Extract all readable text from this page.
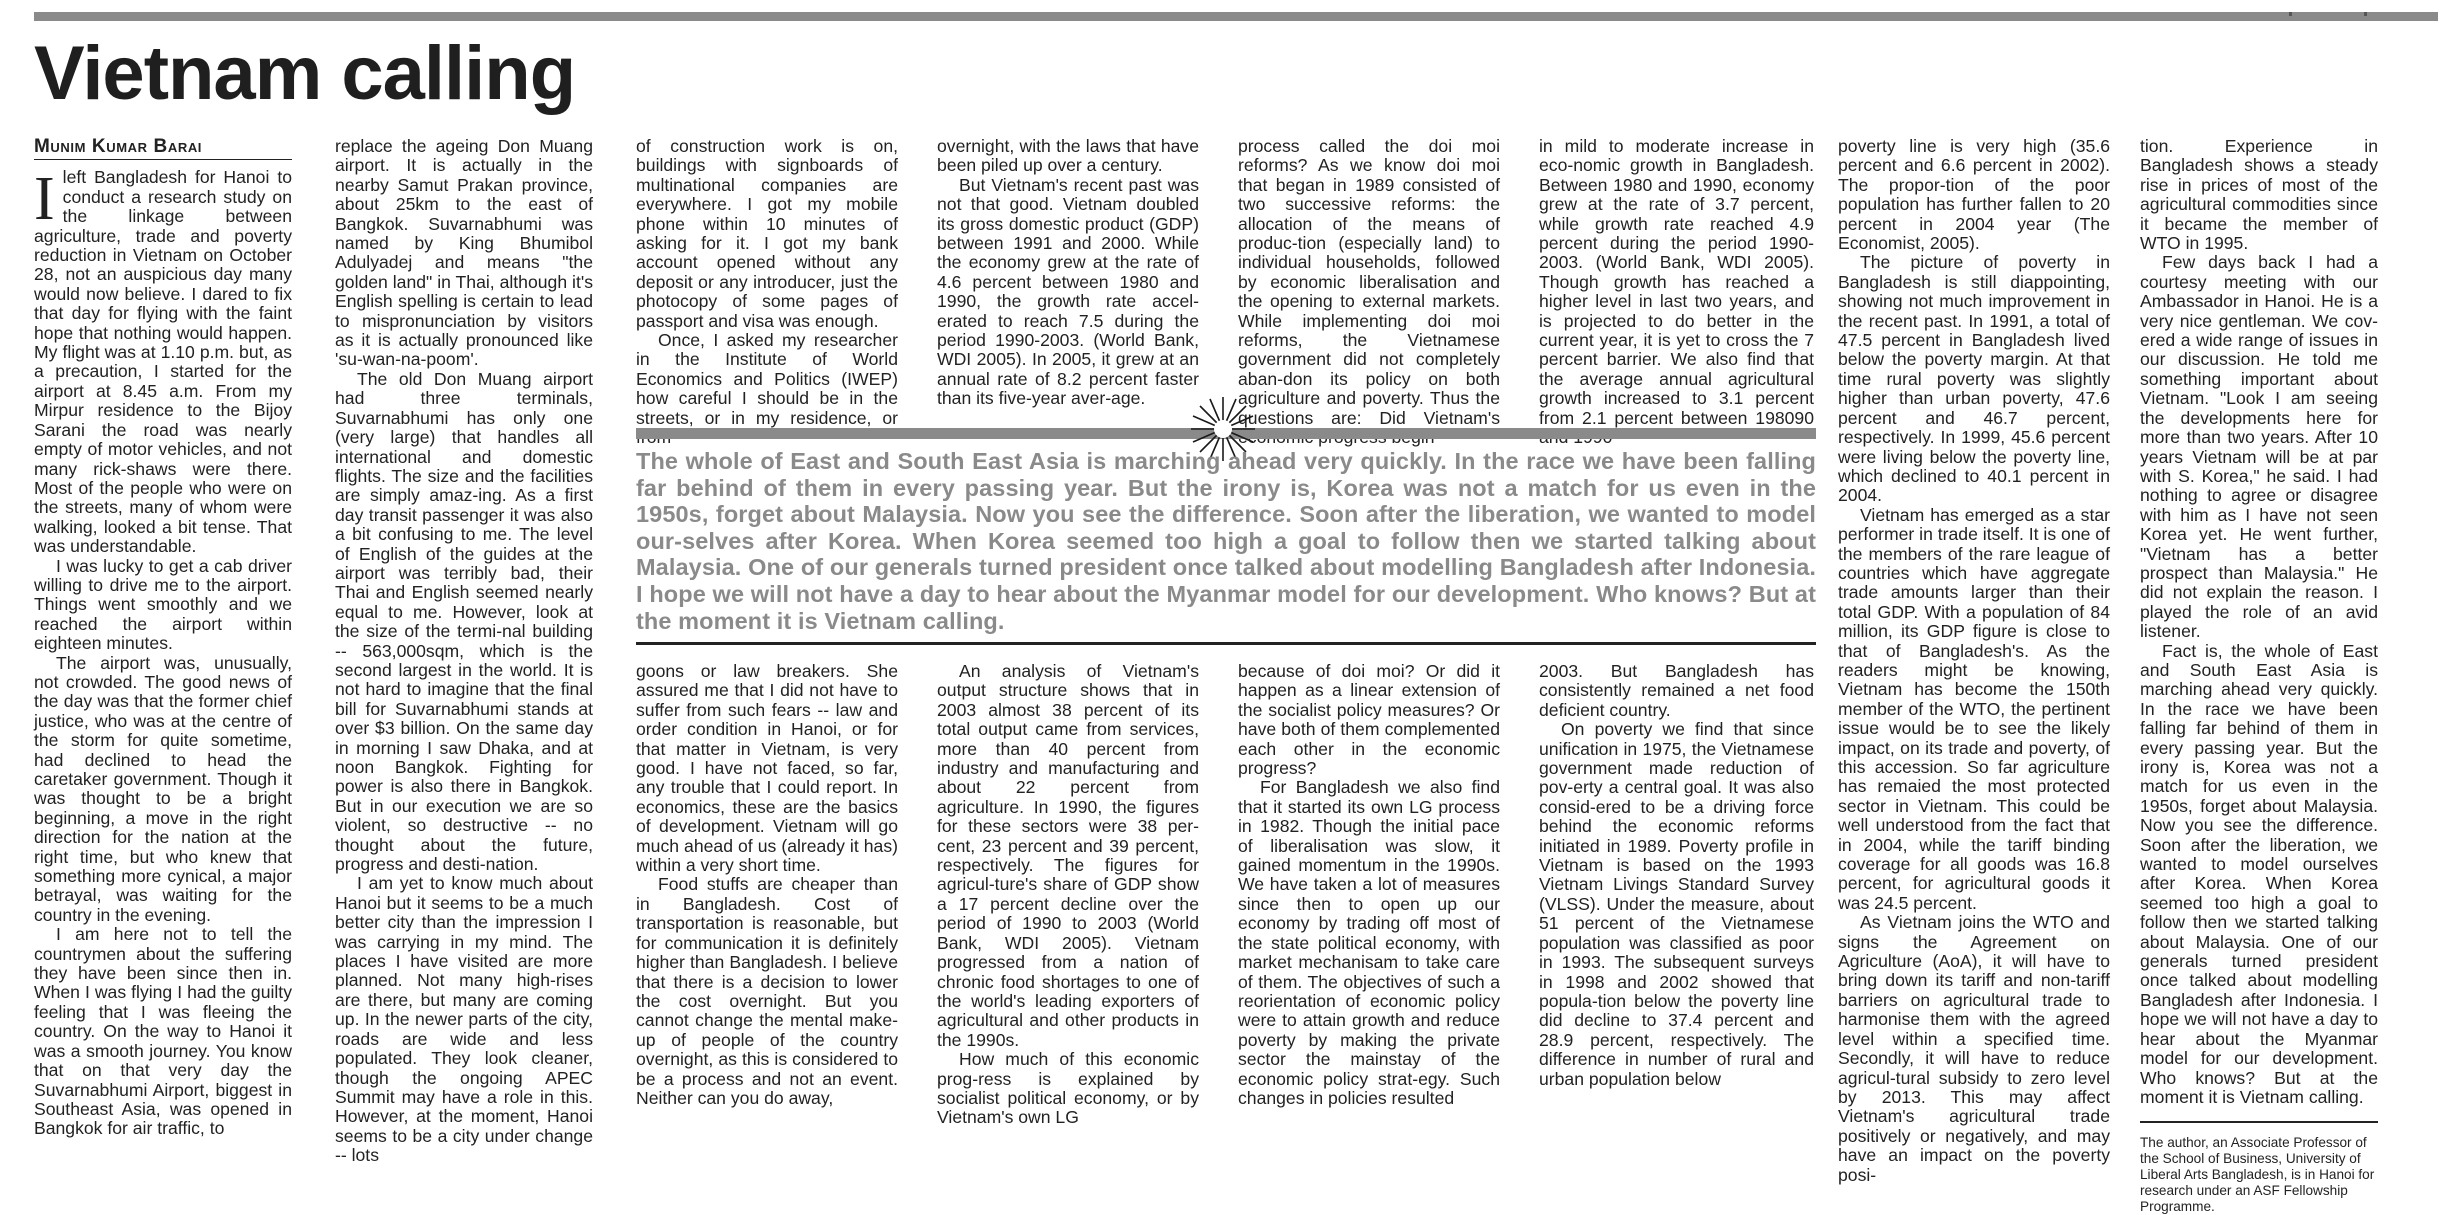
Vietnam calling
Munim Kumar Barai
I left Bangladesh for Hanoi to conduct a research study on the linkage between agriculture, trade and poverty reduction in Vietnam on October 28, not an auspicious day many would now believe. I dared to fix that day for flying with the faint hope that nothing would happen. My flight was at 1.10 p.m. but, as a precaution, I started for the airport at 8.45 a.m. From my Mirpur residence to the Bijoy Sarani the road was nearly empty of motor vehicles, and not many rick-shaws were there. Most of the people who were on the streets, many of whom were walking, looked a bit tense. That was understandable.

I was lucky to get a cab driver willing to drive me to the airport. Things went smoothly and we reached the airport within eighteen minutes.

The airport was, unusually, not crowded. The good news of the day was that the former chief justice, who was at the centre of the storm for quite sometime, had declined to head the caretaker government. Though it was thought to be a bright beginning, a move in the right direction for the nation at the right time, but who knew that something more cynical, a major betrayal, was waiting for the country in the evening.

I am here not to tell the countrymen about the suffering they have been since then in. When I was flying I had the guilty feeling that I was fleeing the country. On the way to Hanoi it was a smooth journey. You know that on that very day the Suvarnabhumi Airport, biggest in Southeast Asia, was opened in Bangkok for air traffic, to

replace the ageing Don Muang airport. It is actually in the nearby Samut Prakan province, about 25km to the east of Bangkok. Suvarnabhumi was named by King Bhumibol Adulyadej and means "the golden land" in Thai, although it's English spelling is certain to lead to mispronunciation by visitors as it is actually pronounced like 'su-wan-na-poom'.

The old Don Muang airport had three terminals, Suvarnabhumi has only one (very large) that handles all international and domestic flights. The size and the facilities are simply amaz-ing. As a first day transit passenger it was also a bit confusing to me. The level of English of the guides at the airport was terribly bad, their Thai and English seemed nearly equal to me. However, look at the size of the termi-nal building -- 563,000sqm, which is the second largest in the world. It is not hard to imagine that the final bill for Suvarnabhumi stands at over $3 billion. On the same day in morning I saw Dhaka, and at noon Bangkok. Fighting for power is also there in Bangkok. But in our execution we are so violent, so destructive -- no thought about the future, progress and desti-nation.

I am yet to know much about Hanoi but it seems to be a much better city than the impression I was carrying in my mind. The places I have visited are more planned. Not many high-rises are there, but many are coming up. In the newer parts of the city, roads are wide and less populated. They look cleaner, though the ongoing APEC Summit may have a role in this. However, at the moment, Hanoi seems to be a city under change -- lots

of construction work is on, buildings with signboards of multinational companies are everywhere. I got my mobile phone within 10 minutes of asking for it. I got my bank account opened without any deposit or any introducer, just the photocopy of some pages of passport and visa was enough.

Once, I asked my researcher in the Institute of World Economics and Politics (IWEP) how careful I should be in the streets, or in my residence, or

overnight, with the laws that have been piled up over a century.

But Vietnam's recent past was not that good. Vietnam doubled its gross domestic product (GDP) between 1991 and 2000. While the economy grew at the rate of 4.6 percent between 1980 and 1990, the growth rate accel-erated to reach 7.5 during the period 1990-2003. (World Bank, WDI 2005). In 2005, it grew at an annual rate of 8.2 percent faster than its five-year aver-age.

process called the doi moi reforms? As we know doi moi that began in 1989 consisted of two successive reforms: the allocation of the means of produc-tion (especially land) to individual households, followed by economic liberalisation and the opening to external markets. While implementing doi moi reforms, the Vietnamese government did not completely aban-don its policy on both agriculture and poverty. Thus the questions are: Did Vietnam's

in mild to moderate increase in eco-nomic growth in Bangladesh. Between 1980 and 1990, economy grew at the rate of 3.7 percent, while growth rate reached 4.9 percent during the period 1990-2003. (World Bank, WDI 2005). Though growth has reached a higher level in last two years, and is projected to do better in the current year, it is yet to cross the 7 percent barrier. We also find that the average annual agricultural growth increased to 3.1 percent from 2.1 percent between 198090

The whole of East and South East Asia is marching ahead very quickly. In the race we have been falling far behind of them in every passing year. But the irony is, Korea was not a match for us even in the 1950s, forget about Malaysia. Now you see the difference. Soon after the liberation, we wanted to model our-selves after Korea. When Korea seemed too high a goal to follow then we started talking about Malaysia. One of our generals turned president once talked about modelling Bangladesh after Indonesia. I hope we will not have a day to hear about the Myanmar model for our development. Who knows? But at the moment it is Vietnam calling.

goons or law breakers. She assured me that I did not have to suffer from such fears -- law and order condition in Hanoi, or for that matter in Vietnam, is very good. I have not faced, so far, any trouble that I could report. In economics, these are the basics of development. Vietnam will go much ahead of us (already it has) within a very short time.

Food stuffs are cheaper than in Bangladesh. Cost of transportation is reasonable, but for communication it is definitely higher than Bangladesh. I believe that there is a decision to lower the cost overnight. But you cannot change the mental make-up of people of the country overnight, as this is considered to be a process and not an event. Neither can you do away,

An analysis of Vietnam's output structure shows that in 2003 almost 38 percent of its total output came from services, more than 40 percent from industry and manufacturing and about 22 percent from agriculture. In 1990, the figures for these sectors were 38 per-cent, 23 percent and 39 percent, respectively. The figures for agricul-ture's share of GDP show a 17 percent decline over the period of 1990 to 2003 (World Bank, WDI 2005). Vietnam progressed from a nation of chronic food shortages to one of the world's leading exporters of agricultural and other products in the 1990s.

How much of this economic prog-ress is explained by socialist political economy, or by Vietnam's own LG

because of doi moi? Or did it happen as a linear extension of the socialist policy measures? Or have both of them complemented each other in the economic progress?

For Bangladesh we also find that it started its own LG process in 1982. Though the initial pace of liberalisation was slow, it gained momentum in the 1990s. We have taken a lot of measures since then to open up our economy by trading off most of the state political economy, with market mechanisam to take care of them. The objectives of such a reorientation of economic policy were to attain growth and reduce poverty by making the private sector the mainstay of the economic policy strat-egy. Such changes in policies resulted

2003. But Bangladesh has consistently remained a net food deficient country.

On poverty we find that since unification in 1975, the Vietnamese government made reduction of pov-erty a central goal. It was also consid-ered to be a driving force behind the economic reforms initiated in 1989. Poverty profile in Vietnam is based on the 1993 Vietnam Livings Standard Survey (VLSS). Under the measure, about 51 percent of the Vietnamese population was classified as poor in 1993. The subsequent surveys in 1998 and 2002 showed that popula-tion below the poverty line did decline to 37.4 percent and 28.9 percent, respectively. The difference in number of rural and urban population below

poverty line is very high (35.6 percent and 6.6 percent in 2002). The propor-tion of the poor population has further fallen to 20 percent in 2004 year (The Economist, 2005).

The picture of poverty in Bangladesh is still diappointing, showing not much improvement in the recent past. In 1991, a total of 47.5 percent in Bangladesh lived below the poverty margin. At that time rural poverty was slightly higher than urban poverty, 47.6 percent and 46.7 percent, respectively. In 1999, 45.6 percent were living below the poverty line, which declined to 40.1 percent in 2004.

Vietnam has emerged as a star performer in trade itself. It is one of the members of the rare league of countries which have aggregate trade amounts larger than their total GDP. With a population of 84 million, its GDP figure is close to that of Bangladesh's. As the readers might be knowing, Vietnam has become the 150th member of the WTO, the pertinent issue would be to see the likely impact, on its trade and poverty, of this accession. So far agriculture has remaied the most protected sector in Vietnam. This could be well understood from the fact that in 2004, while the tariff binding coverage for all goods was 16.8 percent, for agricultural goods it was 24.5 percent.

As Vietnam joins the WTO and signs the Agreement on Agriculture (AoA), it will have to bring down its tariff and non-tariff barriers on agricultural trade to harmonise them with the agreed level within a specified time. Secondly, it will have to reduce agricul-tural subsidy to zero level by 2013. This may affect Vietnam's agricultural trade positively or negatively, and may have an impact on the poverty posi-

tion. Experience in Bangladesh shows a steady rise in prices of most of the agricultural commodities since it became the member of WTO in 1995.

Few days back I had a courtesy meeting with our Ambassador in Hanoi. He is a very nice gentleman. We cov-ered a wide range of issues in our discussion. He told me something important about Vietnam. "Look I am seeing the developments here for more than two years. After 10 years Vietnam will be at par with S. Korea," he said. I had nothing to agree or disagree with him as I have not seen Korea yet. He went further, "Vietnam has a better prospect than Malaysia." He did not explain the reason. I played the role of an avid listener.

Fact is, the whole of East and South East Asia is marching ahead very quickly. In the race we have been falling far behind of them in every passing year. But the irony is, Korea was not a match for us even in the 1950s, forget about Malaysia. Now you see the difference. Soon after the liberation, we wanted to model ourselves after Korea. When Korea seemed too high a goal to follow then we started talking about Malaysia. One of our generals turned president once talked about modelling Bangladesh after Indonesia. I hope we will not have a day to hear about the Myanmar model for our development. Who knows? But at the moment it is Vietnam calling.

The author, an Associate Professor of the School of Business, University of Liberal Arts Bangladesh, is in Hanoi for research under an ASF Fellowship Programme.
